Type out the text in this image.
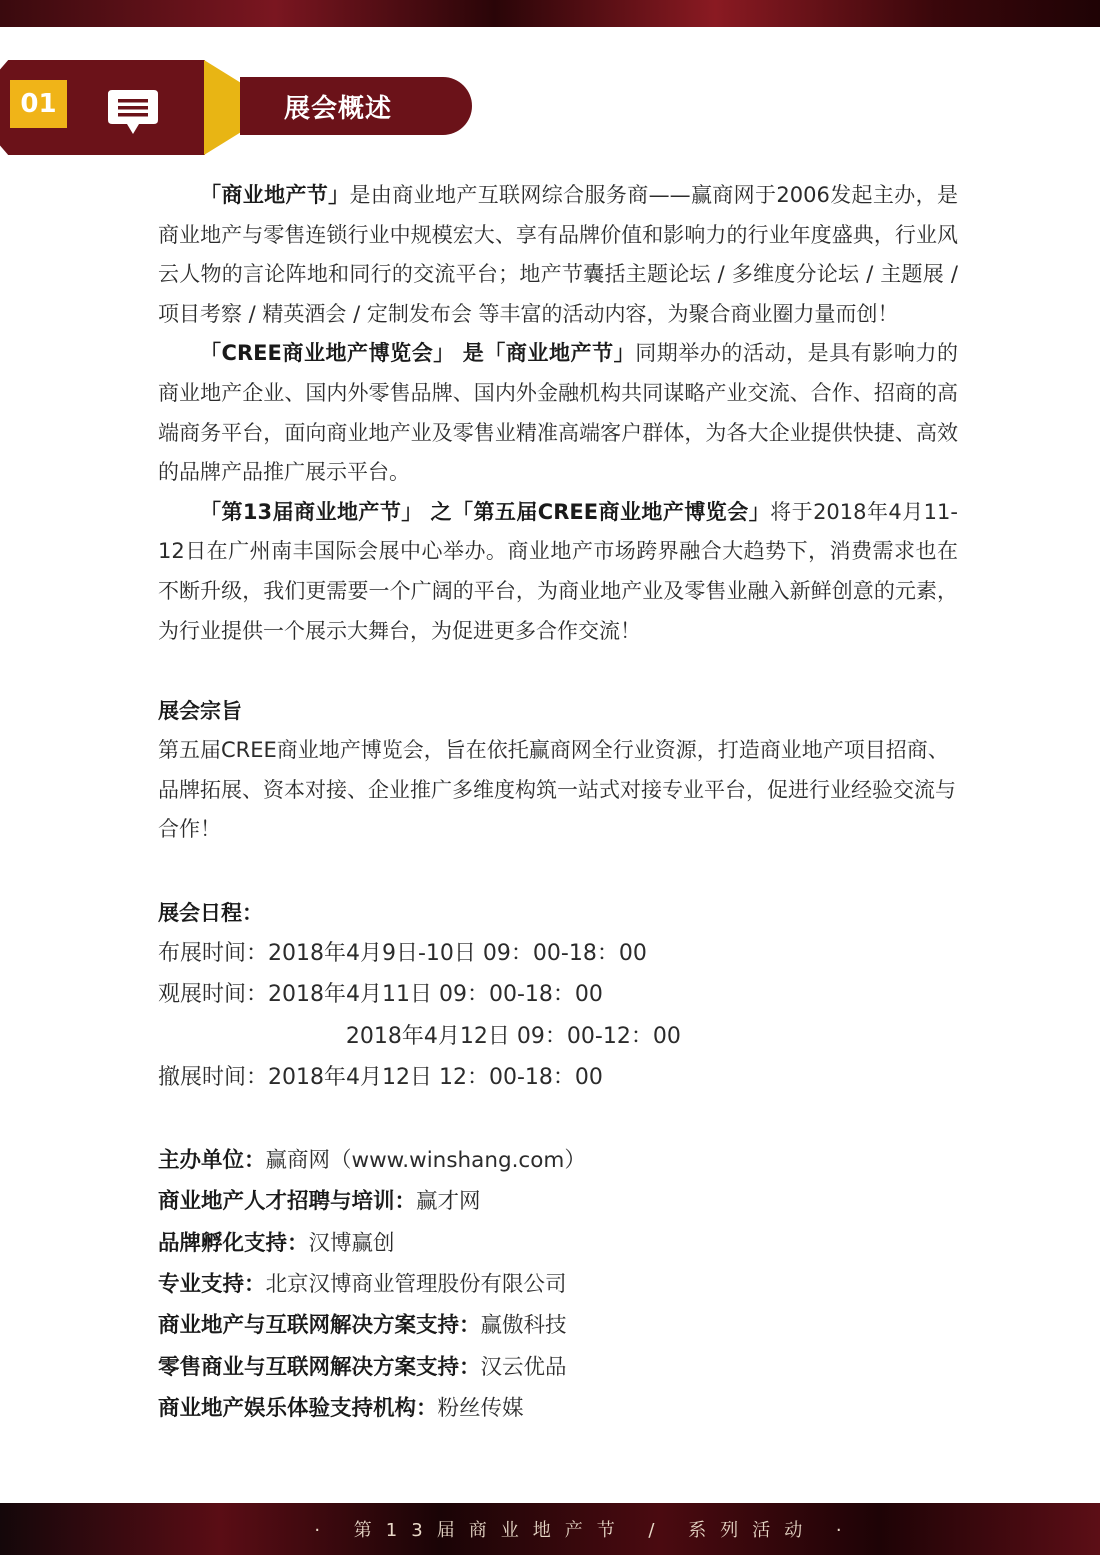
01	展会概述

「商业地产节」是由商业地产互联网综合服务商——赢商网于2006发起主办，是商业地产与零售连锁行业中规模宏大、享有品牌价值和影响力的行业年度盛典，行业风云人物的言论阵地和同行的交流平台；地产节囊括主题论坛 / 多维度分论坛 / 主题展 / 项目考察 / 精英酒会 / 定制发布会 等丰富的活动内容，为聚合商业圈力量而创！

「CREE商业地产博览会」 是「商业地产节」同期举办的活动，是具有影响力的商业地产企业、国内外零售品牌、国内外金融机构共同谋略产业交流、合作、招商的高端商务平台，面向商业地产业及零售业精准高端客户群体，为各大企业提供快捷、高效的品牌产品推广展示平台。

「第13届商业地产节」 之「第五届CREE商业地产博览会」将于2018年4月11-12日在广州南丰国际会展中心举办。商业地产市场跨界融合大趋势下，消费需求也在不断升级，我们更需要一个广阔的平台，为商业地产业及零售业融入新鲜创意的元素，为行业提供一个展示大舞台，为促进更多合作交流！

展会宗旨
第五届CREE商业地产博览会，旨在依托赢商网全行业资源，打造商业地产项目招商、品牌拓展、资本对接、企业推广多维度构筑一站式对接专业平台，促进行业经验交流与合作！
展会日程：
布展时间：2018年4月9日-10日 09：00-18：00
观展时间：2018年4月11日 09：00-18：00
2018年4月12日 09：00-12：00
撤展时间：2018年4月12日 12：00-18：00
主办单位：赢商网（www.winshang.com）
商业地产人才招聘与培训：赢才网
品牌孵化支持：汉博赢创
专业支持：北京汉博商业管理股份有限公司
商业地产与互联网解决方案支持：赢傲科技
零售商业与互联网解决方案支持：汉云优品
商业地产娱乐体验支持机构：粉丝传媒
· 第13届商业地产节 / 系列活动 ·
